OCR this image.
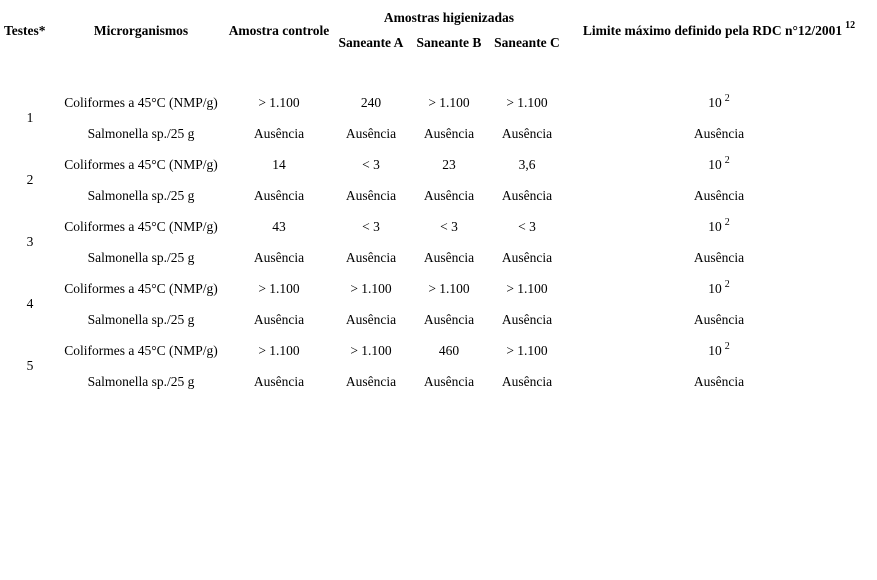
Testes*	Microrganismos	Amostra controle	Amostras higienizadas			Limite máximo definido pela RDC n°12/2001 $^{12}$
			Saneante A	Saneante B	Saneante C	

1	Coliformes a 45°C (NMP/g)	> 1.100	240	> 1.100	> 1.100	10 $^2$
	Salmonella sp./25 g	Ausência	Ausência	Ausência	Ausência	Ausência
2	Coliformes a 45°C (NMP/g)	14	< 3	23	3,6	10 $^2$
	Salmonella sp./25 g	Ausência	Ausência	Ausência	Ausência	Ausência
3	Coliformes a 45°C (NMP/g)	43	< 3	< 3	< 3	10 $^2$
	Salmonella sp./25 g	Ausência	Ausência	Ausência	Ausência	Ausência
4	Coliformes a 45°C (NMP/g)	> 1.100	> 1.100	> 1.100	> 1.100	10 $^2$
	Salmonella sp./25 g	Ausência	Ausência	Ausência	Ausência	Ausência
5	Coliformes a 45°C (NMP/g)	> 1.100	> 1.100	460	> 1.100	10 $^2$
	Salmonella sp./25 g	Ausência	Ausência	Ausência	Ausência	Ausência
